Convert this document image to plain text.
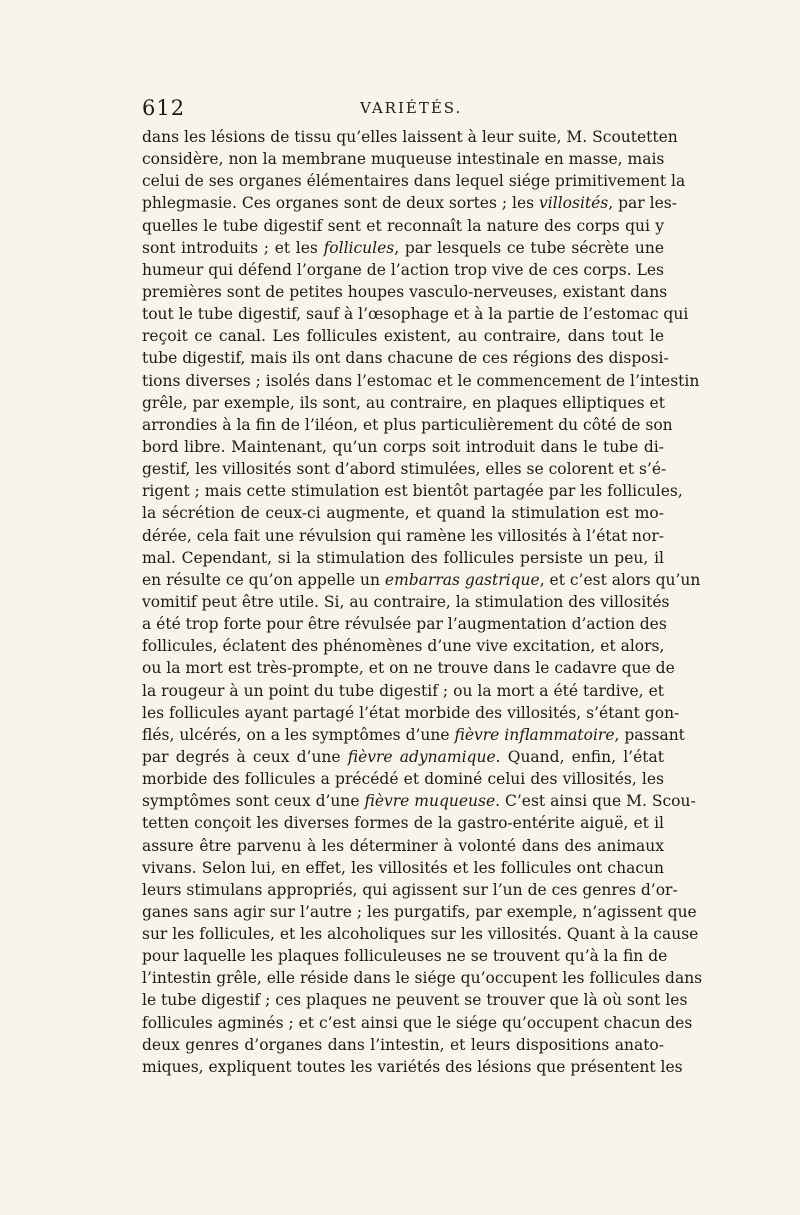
612	VARIÉTÉS.
dans les lésions de tissu qu’elles laissent à leur suite, M. Scoutetten
considère, non la membrane muqueuse intestinale en masse, mais
celui de ses organes élémentaires dans lequel siége primitivement la
phlegmasie. Ces organes sont de deux sortes ; les villosités, par les-
quelles le tube digestif sent et reconnaît la nature des corps qui y
sont introduits ; et les follicules, par lesquels ce tube sécrète une
humeur qui défend l’organe de l’action trop vive de ces corps. Les
premières sont de petites houpes vasculo-nerveuses, existant dans
tout le tube digestif, sauf à l’œsophage et à la partie de l’estomac qui
reçoit ce canal. Les follicules existent, au contraire, dans tout le
tube digestif, mais ils ont dans chacune de ces régions des disposi-
tions diverses ; isolés dans l’estomac et le commencement de l’intestin
grêle, par exemple, ils sont, au contraire, en plaques elliptiques et
arrondies à la fin de l’iléon, et plus particulièrement du côté de son
bord libre. Maintenant, qu’un corps soit introduit dans le tube di-
gestif, les villosités sont d’abord stimulées, elles se colorent et s’é-
rigent ; mais cette stimulation est bientôt partagée par les follicules,
la sécrétion de ceux-ci augmente, et quand la stimulation est mo-
dérée, cela fait une révulsion qui ramène les villosités à l’état nor-
mal. Cependant, si la stimulation des follicules persiste un peu, il
en résulte ce qu’on appelle un embarras gastrique, et c’est alors qu’un
vomitif peut être utile. Si, au contraire, la stimulation des villosités
a été trop forte pour être révulsée par l’augmentation d’action des
follicules, éclatent des phénomènes d’une vive excitation, et alors,
ou la mort est très-prompte, et on ne trouve dans le cadavre que de
la rougeur à un point du tube digestif ; ou la mort a été tardive, et
les follicules ayant partagé l’état morbide des villosités, s’étant gon-
flés, ulcérés, on a les symptômes d’une fièvre inflammatoire, passant
par degrés à ceux d’une fièvre adynamique. Quand, enfin, l’état
morbide des follicules a précédé et dominé celui des villosités, les
symptômes sont ceux d’une fièvre muqueuse. C’est ainsi que M. Scou-
tetten conçoit les diverses formes de la gastro-entérite aiguë, et il
assure être parvenu à les déterminer à volonté dans des animaux
vivans. Selon lui, en effet, les villosités et les follicules ont chacun
leurs stimulans appropriés, qui agissent sur l’un de ces genres d’or-
ganes sans agir sur l’autre ; les purgatifs, par exemple, n’agissent que
sur les follicules, et les alcoholiques sur les villosités. Quant à la cause
pour laquelle les plaques folliculeuses ne se trouvent qu’à la fin de
l’intestin grêle, elle réside dans le siége qu’occupent les follicules dans
le tube digestif ; ces plaques ne peuvent se trouver que là où sont les
follicules agminés ; et c’est ainsi que le siége qu’occupent chacun des
deux genres d’organes dans l’intestin, et leurs dispositions anato-
miques, expliquent toutes les variétés des lésions que présentent les
